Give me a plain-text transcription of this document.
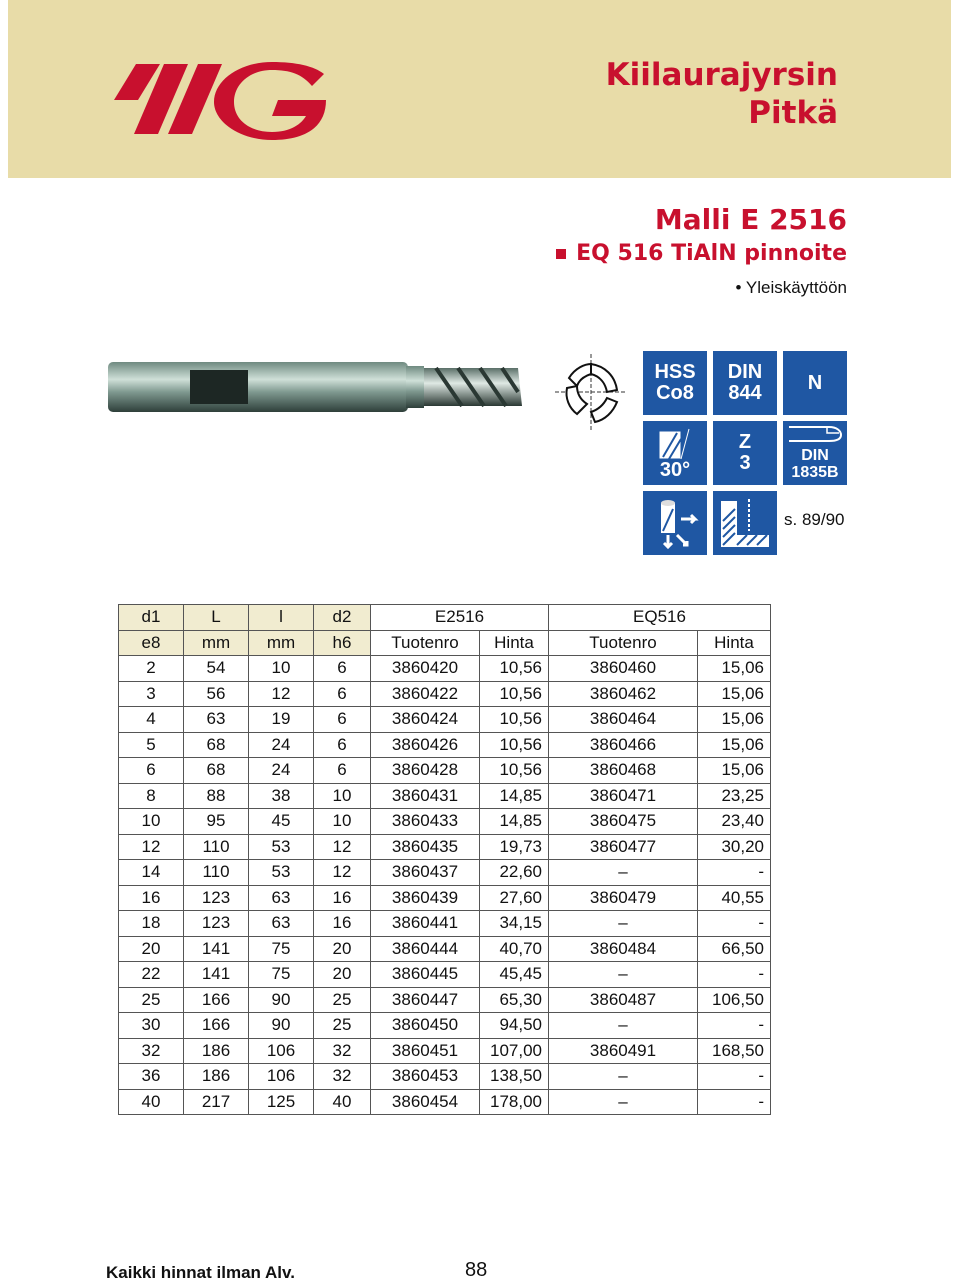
Kiilaurajyrsin
Pitkä
Malli E 2516
EQ 516 TiAlN pinnoite
• Yleiskäyttöön
HSS
Co8
DIN
844 N
30°
Z
3	DIN
1835B
s. 89/90
d1	L	l	d2	E2516		EQ516	
e8	mm	mm	h6	Tuotenro	Hinta	Tuotenro	Hinta
2	54	10	6	3860420	10,56	3860460	15,06
3	56	12	6	3860422	10,56	3860462	15,06
4	63	19	6	3860424	10,56	3860464	15,06
5	68	24	6	3860426	10,56	3860466	15,06
6	68	24	6	3860428	10,56	3860468	15,06
8	88	38	10	3860431	14,85	3860471	23,25
10	95	45	10	3860433	14,85	3860475	23,40
12	110	53	12	3860435	19,73	3860477	30,20
14	110	53	12	3860437	22,60	–	-
16	123	63	16	3860439	27,60	3860479	40,55
18	123	63	16	3860441	34,15	–	-
20	141	75	20	3860444	40,70	3860484	66,50
22	141	75	20	3860445	45,45	–	-
25	166	90	25	3860447	65,30	3860487	106,50
30	166	90	25	3860450	94,50	–	-
32	186	106	32	3860451	107,00	3860491	168,50
36	186	106	32	3860453	138,50	–	-
40	217	125	40	3860454	178,00	–	-
Kaikki hinnat ilman Alv.	88
